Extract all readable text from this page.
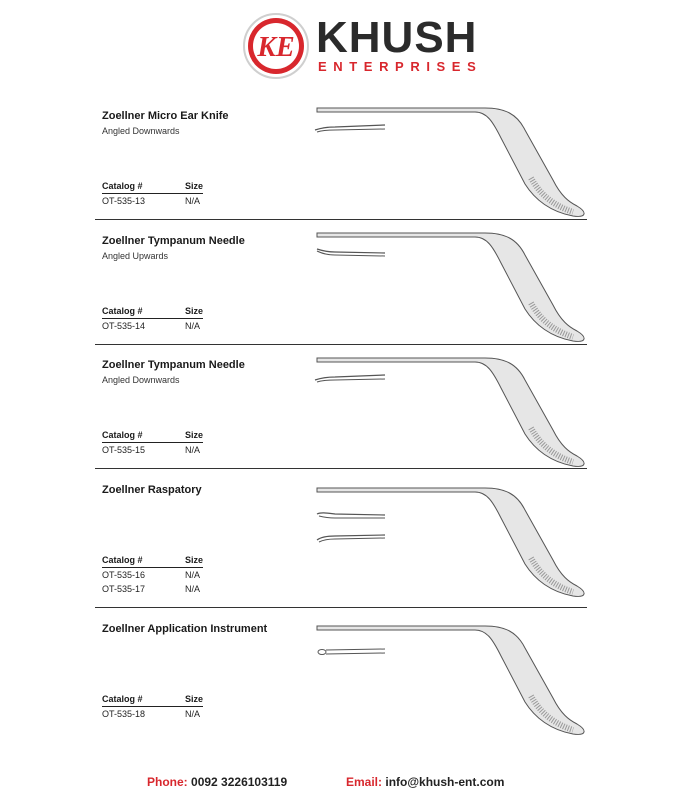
KE KHUSH
ENTERPRISES
Zoellner Micro Ear Knife
Angled Downwards
Catalog #	Size
OT-535-13	N/A
Zoellner Tympanum Needle
Angled Upwards
Catalog #	Size
OT-535-14	N/A
Zoellner Tympanum Needle
Angled Downwards
Catalog #	Size
OT-535-15	N/A
Zoellner Raspatory
Catalog #	Size
OT-535-16	N/A
OT-535-17	N/A
Zoellner Application Instrument
Catalog #	Size
OT-535-18	N/A
Phone: 0092 3226103119	Email: info@khush-ent.com
